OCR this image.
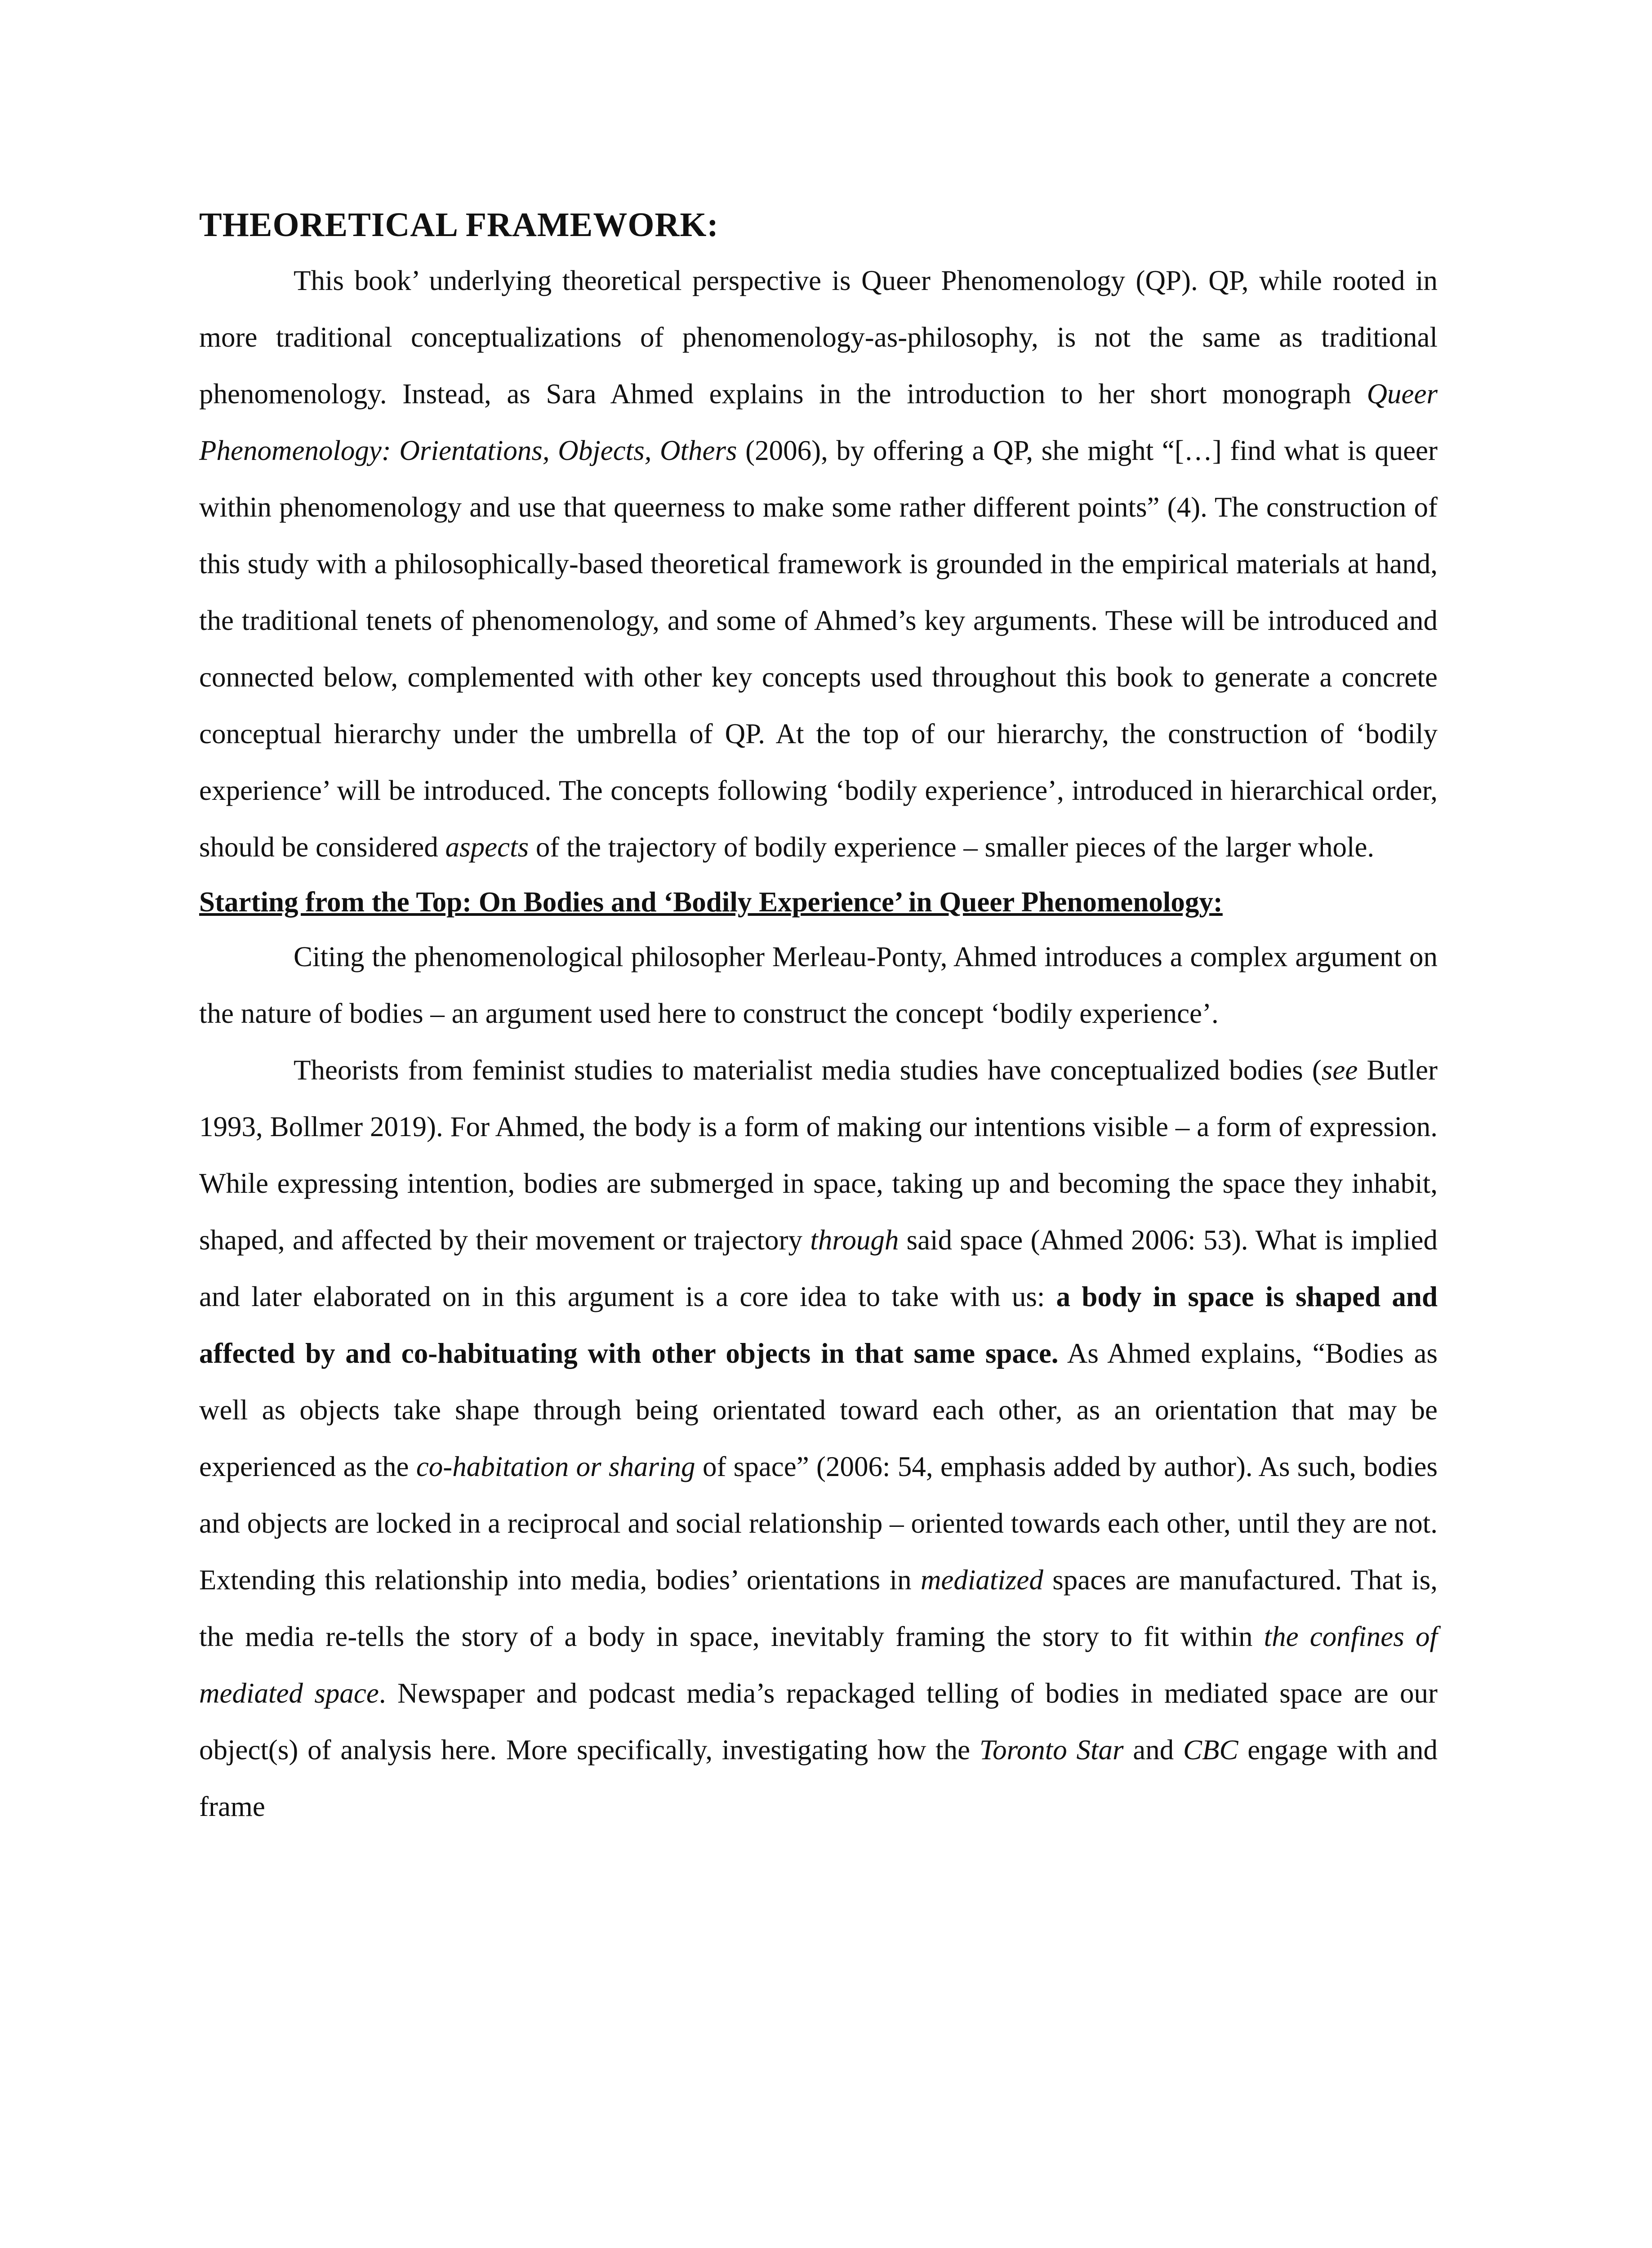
THEORETICAL FRAMEWORK:

This book’ underlying theoretical perspective is Queer Phenomenology (QP). QP, while rooted in more traditional conceptualizations of phenomenology-as-philosophy, is not the same as traditional phenomenology. Instead, as Sara Ahmed explains in the introduction to her short monograph Queer Phenomenology: Orientations, Objects, Others (2006), by offering a QP, she might “[…] find what is queer within phenomenology and use that queerness to make some rather different points” (4). The construction of this study with a philosophically-based theoretical framework is grounded in the empirical materials at hand, the traditional tenets of phenomenology, and some of Ahmed’s key arguments. These will be introduced and connected below, complemented with other key concepts used throughout this book to generate a concrete conceptual hierarchy under the umbrella of QP. At the top of our hierarchy, the construction of ‘bodily experience’ will be introduced. The concepts following ‘bodily experience’, introduced in hierarchical order, should be considered aspects of the trajectory of bodily experience – smaller pieces of the larger whole.

Starting from the Top: On Bodies and ‘Bodily Experience’ in Queer Phenomenology:

Citing the phenomenological philosopher Merleau-Ponty, Ahmed introduces a complex argument on the nature of bodies – an argument used here to construct the concept ‘bodily experience’.

Theorists from feminist studies to materialist media studies have conceptualized bodies (see Butler 1993, Bollmer 2019). For Ahmed, the body is a form of making our intentions visible – a form of expression. While expressing intention, bodies are submerged in space, taking up and becoming the space they inhabit, shaped, and affected by their movement or trajectory through said space (Ahmed 2006: 53). What is implied and later elaborated on in this argument is a core idea to take with us: a body in space is shaped and affected by and co-habituating with other objects in that same space. As Ahmed explains, “Bodies as well as objects take shape through being orientated toward each other, as an orientation that may be experienced as the co-habitation or sharing of space” (2006: 54, emphasis added by author). As such, bodies and objects are locked in a reciprocal and social relationship – oriented towards each other, until they are not. Extending this relationship into media, bodies’ orientations in mediatized spaces are manufactured. That is, the media re-tells the story of a body in space, inevitably framing the story to fit within the confines of mediated space. Newspaper and podcast media’s repackaged telling of bodies in mediated space are our object(s) of analysis here. More specifically, investigating how the Toronto Star and CBC engage with and frame
